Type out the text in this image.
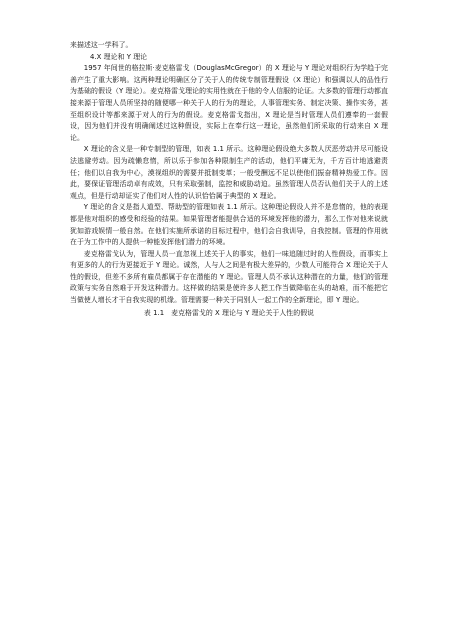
来描述这一学科了。

4.X 理论和 Y 理论

1957 年间世的格拉斯·麦克格雷戈（DouglasMcGregor）的 X 理论与 Y 理论对组织行为学趋于完善产生了重大影响。这两种理论明确区分了关于人的传统专制管理假设（X 理论）和强调以人的品性行为基础的假设（Y 理论）。麦克格雷戈理论的实用性就在于他的令人信服的论证。大多数的管理行动都直接来源于管理人员所坚持的随便哪一种关于人的行为的理论，人事管理实务、制定决策、操作实务，甚至组织设计等都来源于对人的行为的假设。麦克格雷戈指出，X 理论是当时管理人员们遵奉的一套假设，因为他们并没有明确阐述过这种假设，实际上在奉行这一理论，虽然他们所采取的行动来自 X 理论。

X 理论的含义是一种专制型的管理，如表 1.1 所示。这种理论假设绝大多数人厌恶劳动并尽可能设法逃避劳动。因为疏懒怠惰，所以乐于参加各种限制生产的活动，他们平庸无为，千方百计地逃避责任；他们以自我为中心，漠视组织的需要并抵制变革；一般受酬远不足以使他们振奋精神热爱工作。因此，要保证管理活动卓有成效，只有采取强制，监控和威胁动迫。虽然管理人员否认他们关于人的上述观点，但是行动却证实了他们对人性的认识恰恰属于典型的 X 理论。

Y 理论的含义是指人道型、帮助型的管理如表 1.1 所示。这种理论假设人并不是怠惰的，他的表现都是他对组织的感受和经验的结果。如果管理者能提供合适的环境发挥他的潜力，那么工作对他来说就犹如游戏娱情一般自然。在他们实施所承诺的目标过程中，他们会自我训导，自我控制。管理的作用就在于为工作中的人提供一种能发挥他们潜力的环境。

麦克格雷戈认为，管理人员一直忽视上述关于人的事实，他们一味追随过时的人性假设，而事实上有更多的人的行为更接近于 Y 理论。诚然，人与人之间是有极大差异的，少数人可能符合 X 理论关于人性的假设，但差不多所有雇员都属于存在潜能的 Y 理论。管理人员不承认这种潜在的力量，他们的管理政策与实务自然难于开发这种潜力。这样做的结果是使许多人把工作当做降临在头的劫难，而不能把它当做使人增长才干自我实现的机缘。管理需要一种关于同别人一起工作的全新理论，即 Y 理论。

表 1.1　麦克格雷戈的 X 理论与 Y 理论关于人性的假说
